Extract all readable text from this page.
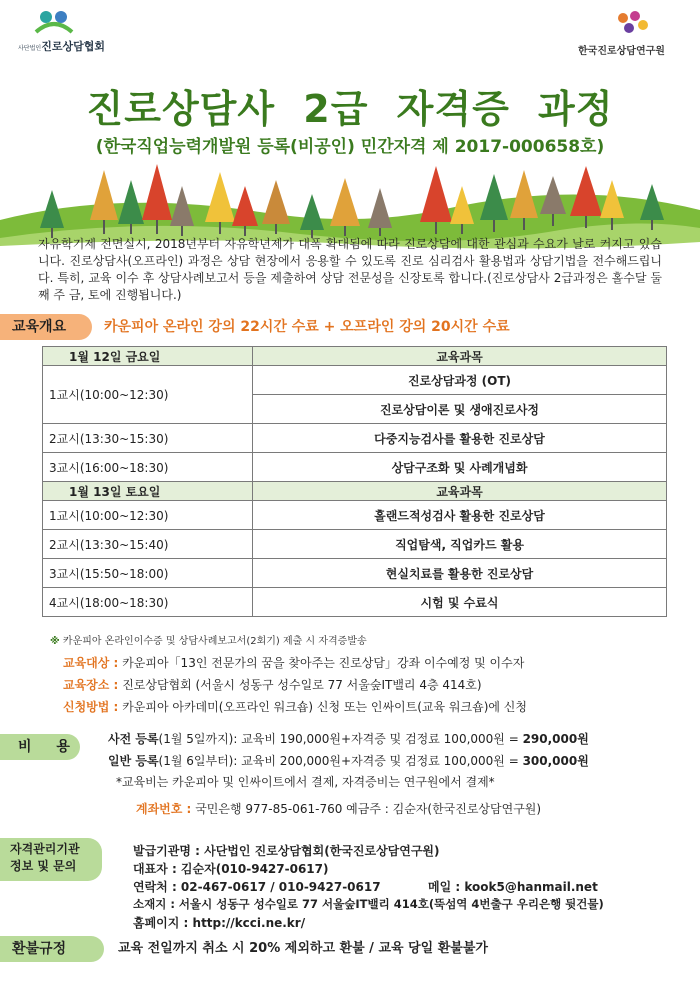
사단법인진로상담협회	한국진로상담연구원
진로상담사 2급 자격증 과정
(한국직업능력개발원 등록(비공인) 민간자격 제 2017-000658호)
자유학기제 전면실시, 2018년부터 자유학년제가 대폭 확대됨에 따라 진로상담에 대한 관심과 수요가 날로 커지고 있습니다. 진로상담사(오프라인) 과정은 상담 현장에서 응용할 수 있도록 진로 심리검사 활용법과 상담기법을 전수해드립니다. 특히, 교육 이수 후 상담사례보고서 등을 제출하여 상담 전문성을 신장토록 합니다.(진로상담사 2급과정은 홀수달 둘째 주 금, 토에 진행됩니다.)
교육개요	카운피아 온라인 강의 22시간 수료 + 오프라인 강의 20시간 수료
1월 12일 금요일	교육과목
1교시(10:00~12:30)	진로상담과정 (OT)
	진로상담이론 및 생애진로사정
2교시(13:30~15:30)	다중지능검사를 활용한 진로상담
3교시(16:00~18:30)	상담구조화 및 사례개념화
1월 13일 토요일	교육과목
1교시(10:00~12:30)	홀랜드적성검사 활용한 진로상담
2교시(13:30~15:40)	직업탐색, 직업카드 활용
3교시(15:50~18:00)	현실치료를 활용한 진로상담
4교시(18:00~18:30)	시험 및 수료식
※ 카운피아 온라인이수증 및 상담사례보고서(2회기) 제출 시 자격증발송
교육대상 : 카운피아「13인 전문가의 꿈을 찾아주는 진로상담」강좌 이수예정 및 이수자
교육장소 : 진로상담협회 (서울시 성동구 성수일로 77 서울숲IT밸리 4층 414호)
신청방법 : 카운피아 아카데미(오프라인 워크숍) 신청 또는 인싸이트(교육 워크숍)에 신청
비 용 사전 등록(1월 5일까지): 교육비 190,000원+자격증 및 검정료 100,000원 = 290,000원
일반 등록(1월 6일부터): 교육비 200,000원+자격증 및 검정료 100,000원 = 300,000원
*교육비는 카운피아 및 인싸이트에서 결제, 자격증비는 연구원에서 결제*
계좌번호 : 국민은행 977-85-061-760 예금주 : 김순자(한국진로상담연구원)
자격관리기관
정보 및 문의
발급기관명 : 사단법인 진로상담협회(한국진로상담연구원)
대표자 : 김순자(010-9427-0617)
연락처 : 02-467-0617 / 010-9427-0617	메일 : kook5@hanmail.net
소재지 : 서울시 성동구 성수일로 77 서울숲IT밸리 414호(뚝섬역 4번출구 우리은행 뒷건물)
홈페이지 : http://kcci.ne.kr/
환불규정	교육 전일까지 취소 시 20% 제외하고 환불 / 교육 당일 환불불가
